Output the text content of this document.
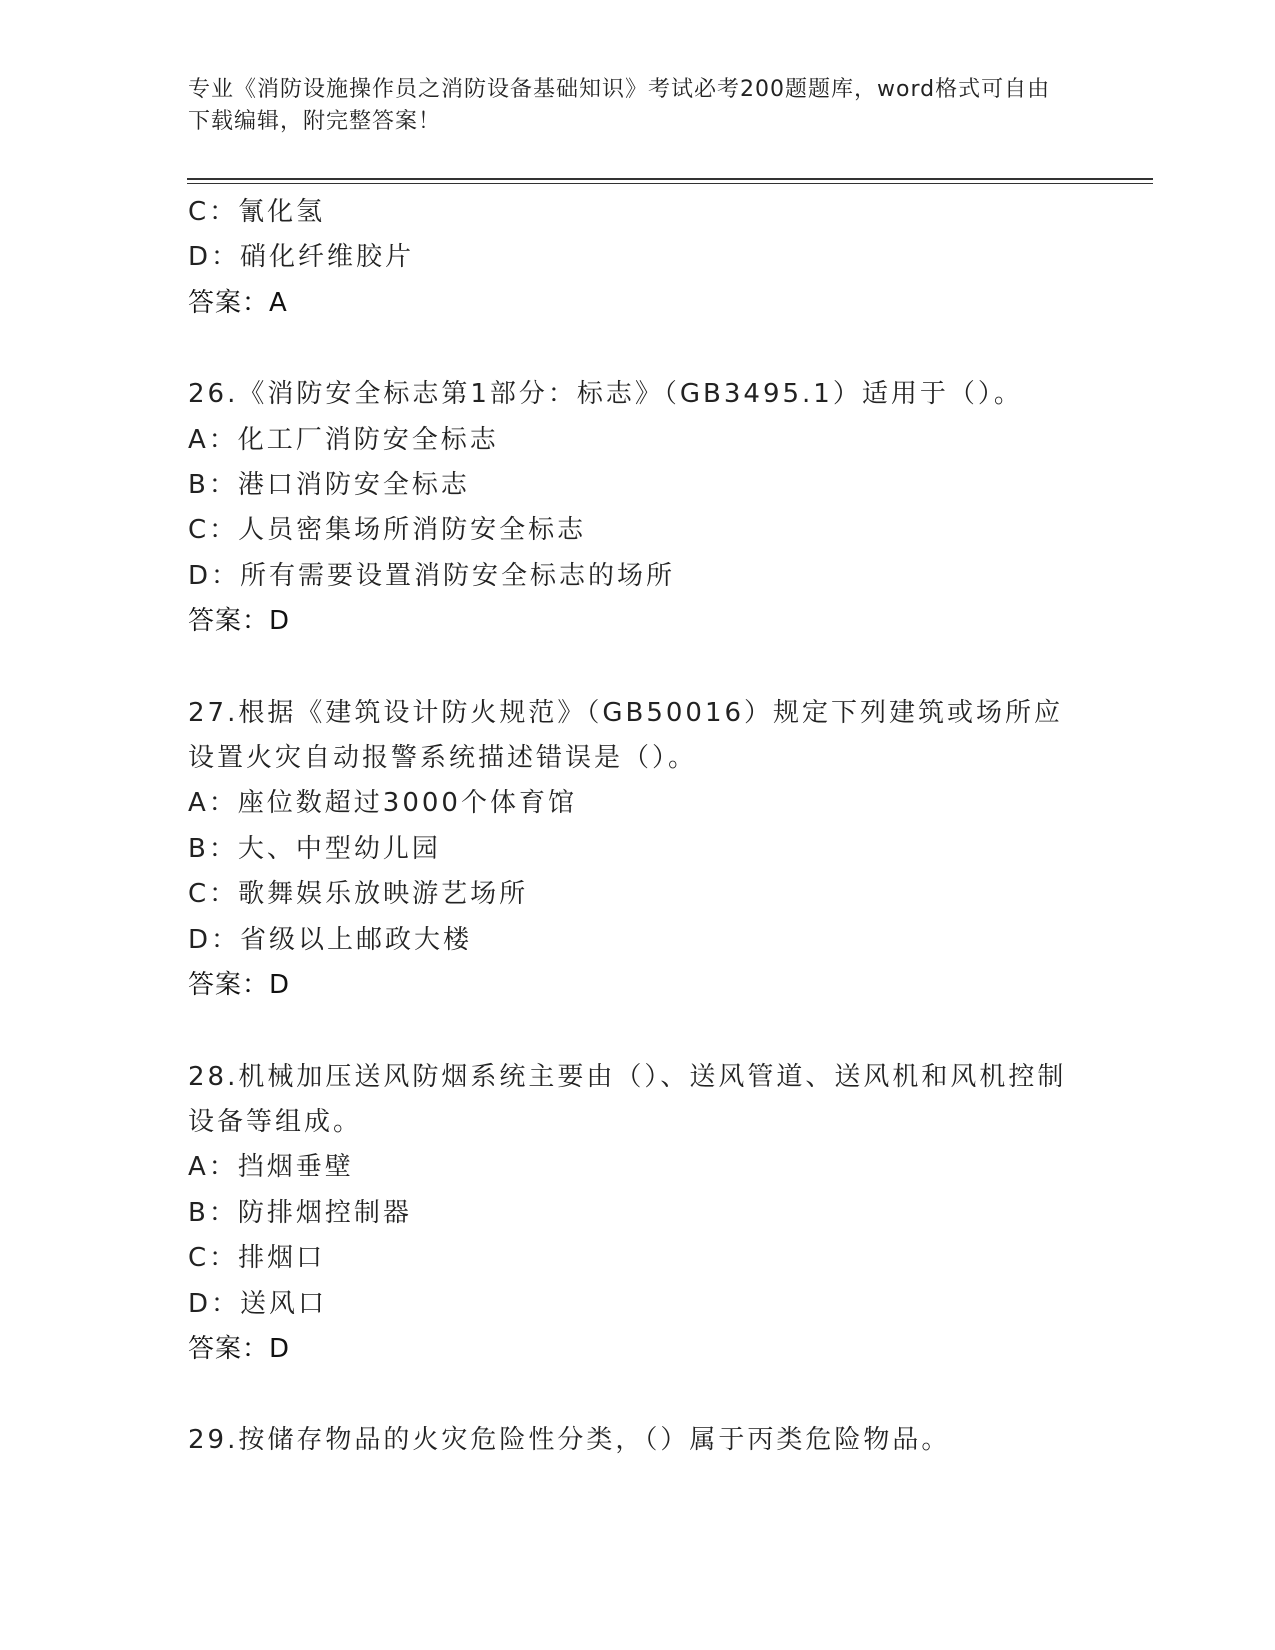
专业《消防设施操作员之消防设备基础知识》考试必考200题题库，word格式可自由下载编辑，附完整答案！
C：氰化氢
D：硝化纤维胶片
答案：A
26.《消防安全标志第1部分：标志》（GB3495.1）适用于（）。
A：化工厂消防安全标志
B：港口消防安全标志
C：人员密集场所消防安全标志
D：所有需要设置消防安全标志的场所
答案：D
27.根据《建筑设计防火规范》（GB50016）规定下列建筑或场所应设置火灾自动报警系统描述错误是（）。
A：座位数超过3000个体育馆
B：大、中型幼儿园
C：歌舞娱乐放映游艺场所
D：省级以上邮政大楼
答案：D
28.机械加压送风防烟系统主要由（）、送风管道、送风机和风机控制设备等组成。
A：挡烟垂壁
B：防排烟控制器
C：排烟口
D：送风口
答案：D
29.按储存物品的火灾危险性分类，（）属于丙类危险物品。
